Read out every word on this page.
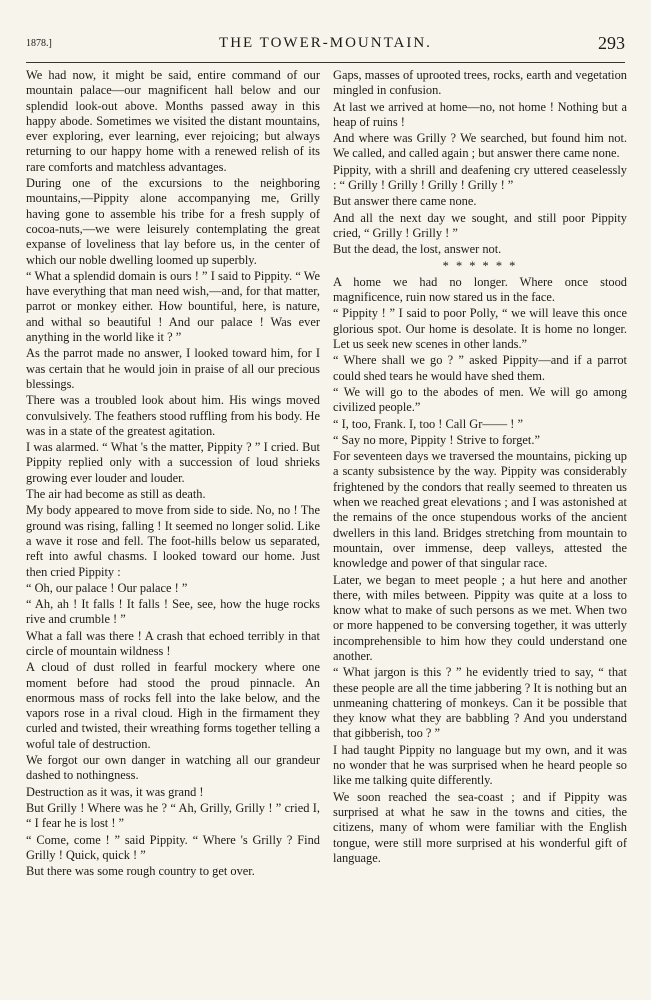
1878.]	THE TOWER-MOUNTAIN.	293

We had now, it might be said, entire command of our mountain palace—our magnificent hall below and our splendid look-out above. Months passed away in this happy abode. Sometimes we visited the distant mountains, ever exploring, ever learning, ever rejoicing; but always returning to our happy home with a renewed relish of its rare comforts and matchless advantages.

During one of the excursions to the neighboring mountains,—Pippity alone accompanying me, Grilly having gone to assemble his tribe for a fresh supply of cocoa-nuts,—we were leisurely contemplating the great expanse of loveliness that lay before us, in the center of which our noble dwelling loomed up superbly.

“ What a splendid domain is ours ! ” I said to Pippity. “ We have everything that man need wish,—and, for that matter, parrot or monkey either. How bountiful, here, is nature, and withal so beautiful ! And our palace ! Was ever anything in the world like it ? ”

As the parrot made no answer, I looked toward him, for I was certain that he would join in praise of all our precious blessings.

There was a troubled look about him. His wings moved convulsively. The feathers stood ruffling from his body. He was in a state of the greatest agitation.

I was alarmed. “ What 's the matter, Pippity ? ” I cried. But Pippity replied only with a succession of loud shrieks growing ever louder and louder.

The air had become as still as death.

My body appeared to move from side to side. No, no ! The ground was rising, falling ! It seemed no longer solid. Like a wave it rose and fell. The foot-hills below us separated, reft into awful chasms. I looked toward our home. Just then cried Pippity :

“ Oh, our palace ! Our palace ! ”

“ Ah, ah ! It falls ! It falls ! See, see, how the huge rocks rive and crumble ! ”

What a fall was there ! A crash that echoed terribly in that circle of mountain wildness !

A cloud of dust rolled in fearful mockery where one moment before had stood the proud pinnacle. An enormous mass of rocks fell into the lake below, and the vapors rose in a rival cloud. High in the firmament they curled and twisted, their wreathing forms together telling a woful tale of destruction.

We forgot our own danger in watching all our grandeur dashed to nothingness.

Destruction as it was, it was grand !

But Grilly ! Where was he ? “ Ah, Grilly, Grilly ! ” cried I, “ I fear he is lost ! ”

“ Come, come ! ” said Pippity. “ Where 's Grilly ? Find Grilly ! Quick, quick ! ”

But there was some rough country to get over.

Gaps, masses of uprooted trees, rocks, earth and vegetation mingled in confusion.

At last we arrived at home—no, not home ! Nothing but a heap of ruins !

And where was Grilly ? We searched, but found him not. We called, and called again ; but answer there came none.

Pippity, with a shrill and deafening cry uttered ceaselessly : “ Grilly ! Grilly ! Grilly ! Grilly ! ”

But answer there came none.

And all the next day we sought, and still poor Pippity cried, “ Grilly ! Grilly ! ”

But the dead, the lost, answer not.

* * * * * *

A home we had no longer. Where once stood magnificence, ruin now stared us in the face.

“ Pippity ! ” I said to poor Polly, “ we will leave this once glorious spot. Our home is desolate. It is home no longer. Let us seek new scenes in other lands.”

“ Where shall we go ? ” asked Pippity—and if a parrot could shed tears he would have shed them.

“ We will go to the abodes of men. We will go among civilized people.”

“ I, too, Frank. I, too ! Call Gr—— ! ”

“ Say no more, Pippity ! Strive to forget.”

For seventeen days we traversed the mountains, picking up a scanty subsistence by the way. Pippity was considerably frightened by the condors that really seemed to threaten us when we reached great elevations ; and I was astonished at the remains of the once stupendous works of the ancient dwellers in this land. Bridges stretching from mountain to mountain, over immense, deep valleys, attested the knowledge and power of that singular race.

Later, we began to meet people ; a hut here and another there, with miles between. Pippity was quite at a loss to know what to make of such persons as we met. When two or more happened to be conversing together, it was utterly incomprehensible to him how they could understand one another.

“ What jargon is this ? ” he evidently tried to say, “ that these people are all the time jabbering ? It is nothing but an unmeaning chattering of monkeys. Can it be possible that they know what they are babbling ? And you understand that gibberish, too ? ”

I had taught Pippity no language but my own, and it was no wonder that he was surprised when he heard people so like me talking quite differently.

We soon reached the sea-coast ; and if Pippity was surprised at what he saw in the towns and cities, the citizens, many of whom were familiar with the English tongue, were still more surprised at his wonderful gift of language.
